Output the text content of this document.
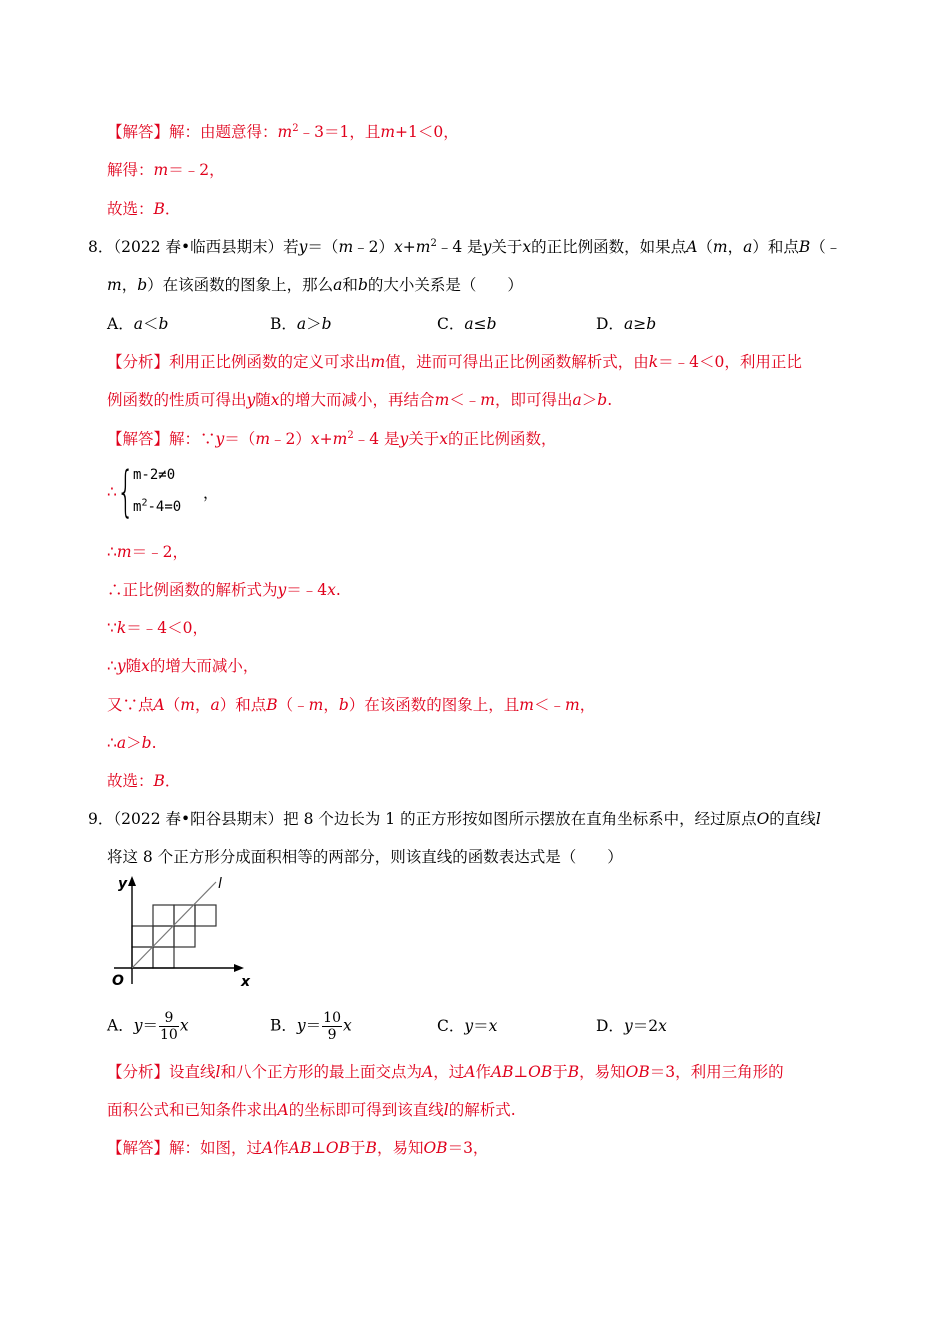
【解答】解：由题意得：$m^2﹣3=1$，且m+1＜0，
解得：m＝﹣2，
故选：B．
8．（2022 春•临西县期末）若$y=(m﹣2)x+m^2﹣4$ 是y关于x的正比例函数，如果点A（m，a）和点B（﹣
m，b）在该函数的图象上，那么a和b的大小关系是（　　）
A．a＜b	B．a＞b	C．a≤b	D．a≥b
【分析】利用正比例函数的定义可求出m值，进而可得出正比例函数解析式，由k＝﹣4＜0，利用正比
例函数的性质可得出y随x的增大而减小，再结合m＜﹣m，即可得出a＞b.
【解答】解：$\because y=(m﹣2)x+m^2﹣4$ 是y关于x的正比例函数，
∴ {
m-2≠0
$m^2-4=0$
，
∴m＝﹣2，
∴正比例函数的解析式为y＝﹣4x.
∵k＝﹣4＜0，
∴y随x的增大而减小，
又∵点A（m，a）和点B（﹣m，b）在该函数的图象上，且m＜﹣m，
∴a＞b.
故选：B．
9．（2022 春•阳谷县期末）把 8 个边长为 1 的正方形按如图所示摆放在直角坐标系中，经过原点O的直线l
将这 8 个正方形分成面积相等的两部分，则该直线的函数表达式是（　　）
y
x
O
l
A．$y= \frac{9}{10}$ x	B．$y= \frac{10}{9}$ x	C．y＝x	D．y＝2x
【分析】设直线l和八个正方形的最上面交点为A，过A作AB⊥OB于B，易知OB＝3，利用三角形的
面积公式和已知条件求出A的坐标即可得到该直线l的解析式.
【解答】解：如图，过A作AB⊥OB于B，易知OB＝3，
